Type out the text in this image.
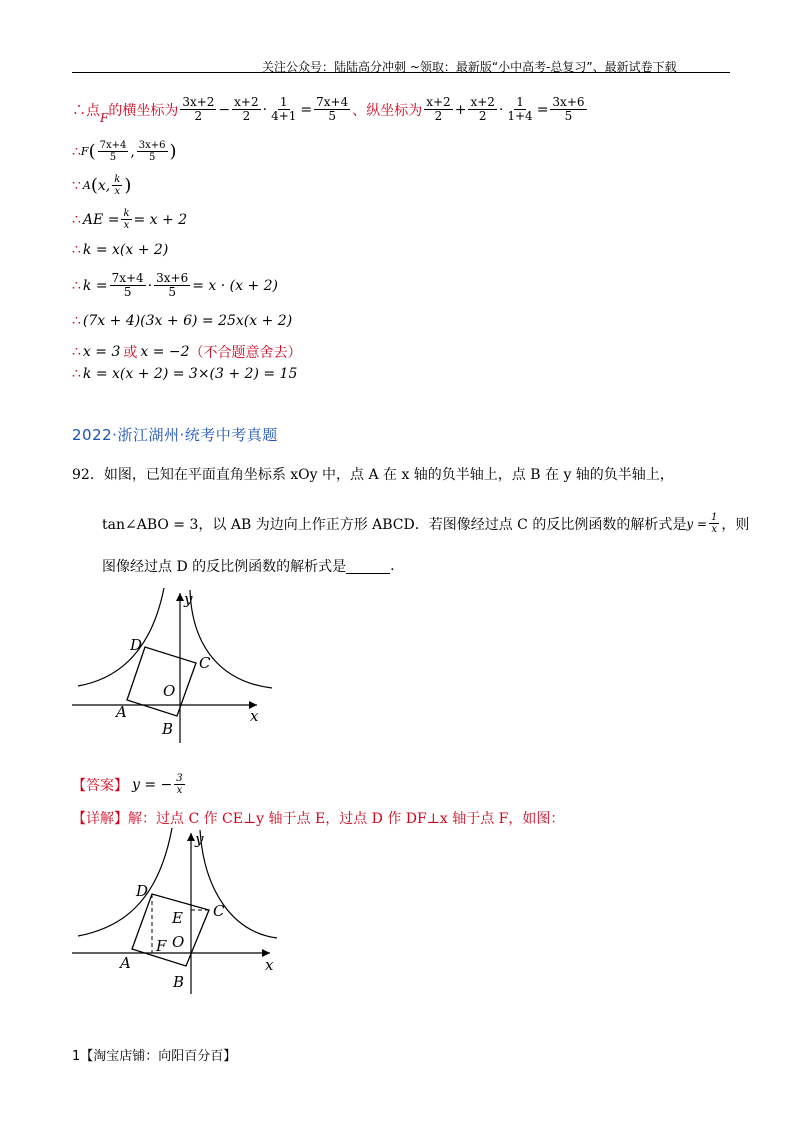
关注公众号：陆陆高分冲刺 ~领取：最新版“小中高考-总复习”、最新试卷下载
∴点 F 的横坐标为 $\frac{3x+2}{2} - \frac{x+2}{2} \cdot \frac{1}{4+1} = \frac{7x+4}{5}$ 、纵坐标为 $\frac{x+2}{2} + \frac{x+2}{2} \cdot \frac{1}{1+4} = \frac{3x+6}{5}$
∴ F ( $\frac{7x+4}{5}$ , $\frac{3x+6}{5}$ )
∵ A ( x, $\frac{k}{x}$ )
∴ AE = $\frac{k}{x} = x + 2$
∴ k = x(x + 2)
∴ $k = \frac{7x+4}{5} \cdot \frac{3x+6}{5} = x \cdot (x + 2)$
∴ (7x + 4)(3x + 6) = 25x(x + 2)
∴ x = 3 或 x = −2 （不合题意舍去）
∴ k = x(x + 2) = 3×(3 + 2) = 15
2022·浙江湖州·统考中考真题
92．如图，已知在平面直角坐标系 xOy 中，点 A 在 x 轴的负半轴上，点 B 在 y 轴的负半轴上，
tan∠ABO = 3，以 AB 为边向上作正方形 ABCD．若图像经过点 C 的反比例函数的解析式是 $y = \frac{1}{x}$ ，则
图像经过点 D 的反比例函数的解析式是	.
y
x
D
C
O
A
B
【答案】 y = − $\frac{3}{x}$
【详解】 解：过点 C 作 CE⊥y 轴于点 E，过点 D 作 DF⊥x 轴于点 F，如图：
y
x
D
C
E
O
F
A
B
1【淘宝店铺：向阳百分百】
